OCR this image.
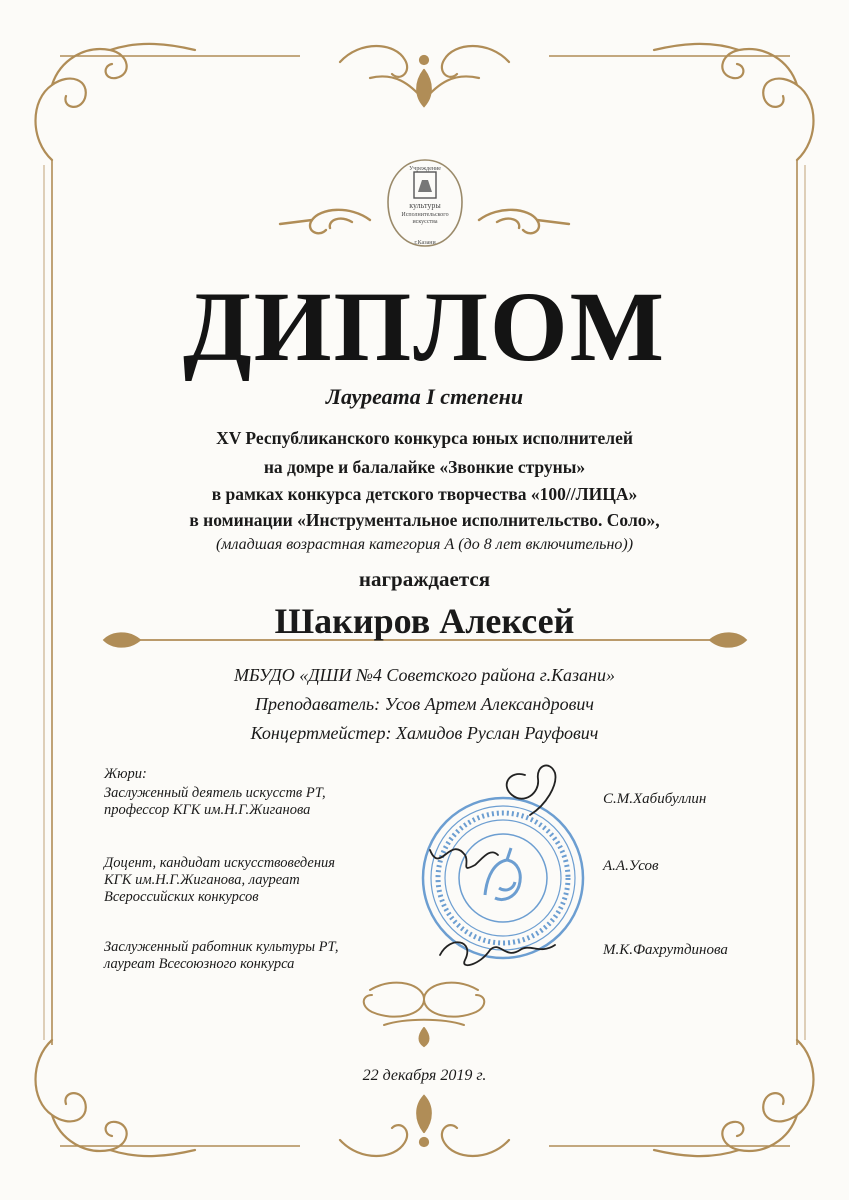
Учреждение
культуры
Исполнительского
искусства
г.Казани
ДИПЛОМ
Лауреата I степени
XV Республиканского конкурса юных исполнителей
на домре и балалайке «Звонкие струны»
в рамках конкурса детского творчества «100//ЛИЦА»
в номинации «Инструментальное исполнительство. Соло»,
(младшая возрастная категория А (до 8 лет включительно))
награждается
Шакиров Алексей
МБУДО «ДШИ №4 Советского района г.Казани»
Преподаватель: Усов Артем Александрович
Концертмейстер: Хамидов Руслан Рауфович
Жюри:
Заслуженный деятель искусств РТ,
профессор КГК им.Н.Г.Жиганова
С.М.Хабибуллин
Доцент, кандидат искусствоведения
КГК им.Н.Г.Жиганова, лауреат
Всероссийских конкурсов
А.А.Усов
Заслуженный работник культуры РТ,
лауреат Всесоюзного конкурса
М.К.Фахрутдинова
22 декабря 2019 г.
